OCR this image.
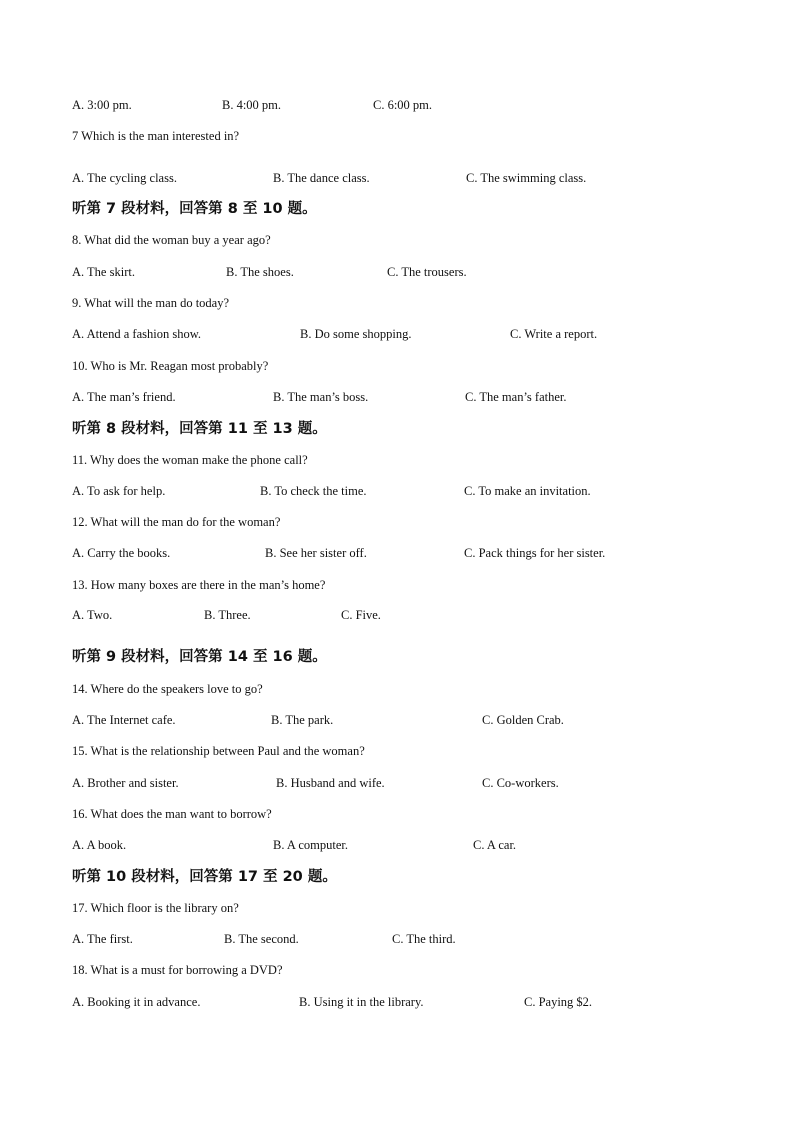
A. 3:00 pm.	B. 4:00 pm.	C. 6:00 pm.
7 Which is the man interested in?
A. The cycling class.	B. The dance class.	C. The swimming class.
听第 7 段材料，回答第 8 至 10 题。
8. What did the woman buy a year ago?
A. The skirt.	B. The shoes.	C. The trousers.
9. What will the man do today?
A. Attend a fashion show.	B. Do some shopping.	C. Write a report.
10. Who is Mr. Reagan most probably?
A. The man’s friend.	B. The man’s boss.	C. The man’s father.
听第 8 段材料，回答第 11 至 13 题。
11. Why does the woman make the phone call?
A. To ask for help.	B. To check the time.	C. To make an invitation.
12. What will the man do for the woman?
A. Carry the books.	B. See her sister off.	C. Pack things for her sister.
13. How many boxes are there in the man’s home?
A. Two.	B. Three.	C. Five.
听第 9 段材料，回答第 14 至 16 题。
14. Where do the speakers love to go?
A. The Internet cafe.	B. The park.	C. Golden Crab.
15. What is the relationship between Paul and the woman?
A. Brother and sister.	B. Husband and wife.	C. Co-workers.
16. What does the man want to borrow?
A. A book.	B. A computer.	C. A car.
听第 10 段材料，回答第 17 至 20 题。
17. Which floor is the library on?
A. The first.	B. The second.	C. The third.
18. What is a must for borrowing a DVD?
A. Booking it in advance.	B. Using it in the library.	C. Paying $2.
